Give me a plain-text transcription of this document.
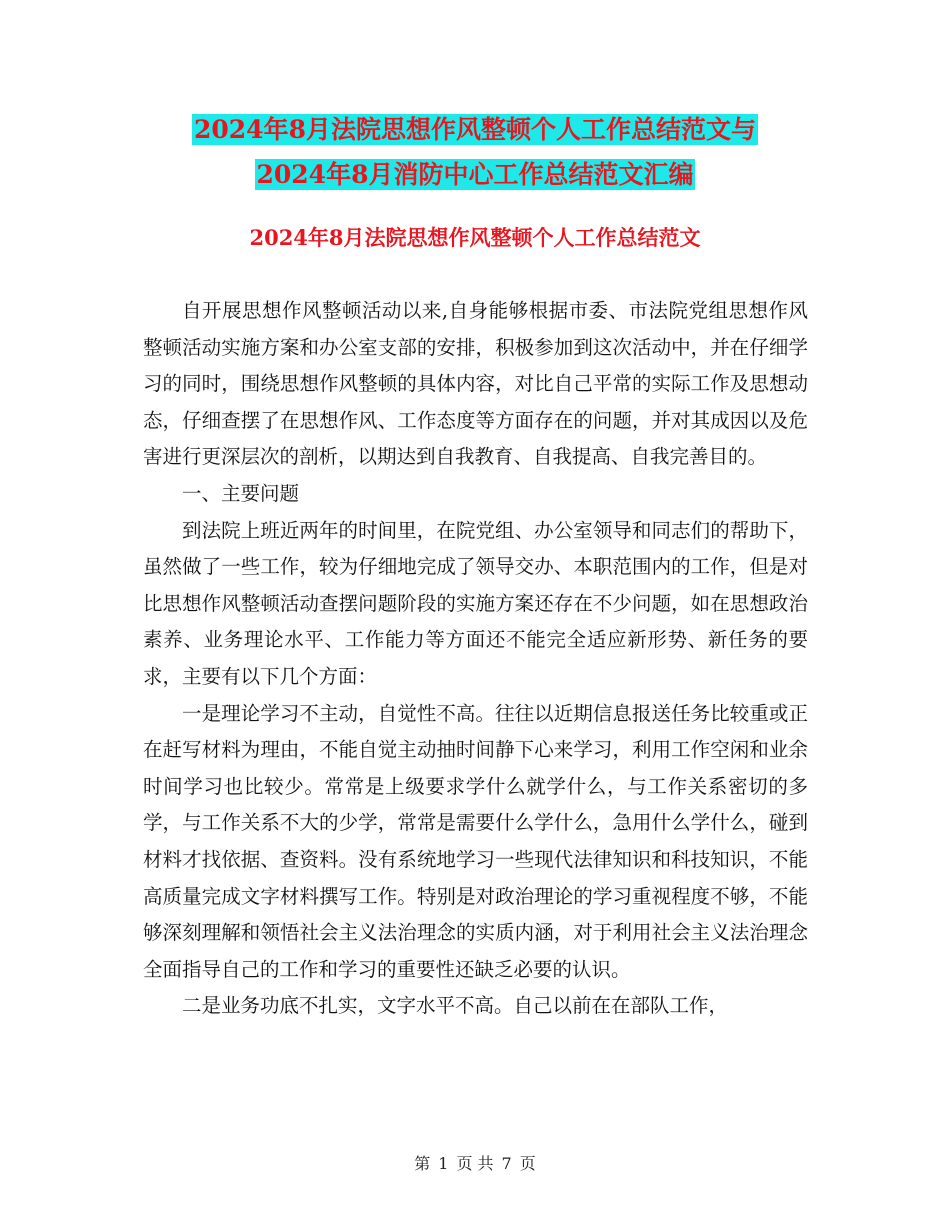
2024年8月法院思想作风整顿个人工作总结范文与
2024年8月消防中心工作总结范文汇编
2024年8月法院思想作风整顿个人工作总结范文

自开展思想作风整顿活动以来,自身能够根据市委、市法院党组思想作风整顿活动实施方案和办公室支部的安排，积极参加到这次活动中，并在仔细学习的同时，围绕思想作风整顿的具体内容，对比自己平常的实际工作及思想动态，仔细查摆了在思想作风、工作态度等方面存在的问题，并对其成因以及危害进行更深层次的剖析，以期达到自我教育、自我提高、自我完善目的。

一、主要问题

到法院上班近两年的时间里，在院党组、办公室领导和同志们的帮助下，虽然做了一些工作，较为仔细地完成了领导交办、本职范围内的工作，但是对比思想作风整顿活动查摆问题阶段的实施方案还存在不少问题，如在思想政治素养、业务理论水平、工作能力等方面还不能完全适应新形势、新任务的要求，主要有以下几个方面：

一是理论学习不主动，自觉性不高。往往以近期信息报送任务比较重或正在赶写材料为理由，不能自觉主动抽时间静下心来学习，利用工作空闲和业余时间学习也比较少。常常是上级要求学什么就学什么，与工作关系密切的多学，与工作关系不大的少学，常常是需要什么学什么，急用什么学什么，碰到材料才找依据、查资料。没有系统地学习一些现代法律知识和科技知识，不能高质量完成文字材料撰写工作。特别是对政治理论的学习重视程度不够，不能够深刻理解和领悟社会主义法治理念的实质内涵，对于利用社会主义法治理念全面指导自己的工作和学习的重要性还缺乏必要的认识。

二是业务功底不扎实，文字水平不高。自己以前在在部队工作，

第 1 页 共 7 页
